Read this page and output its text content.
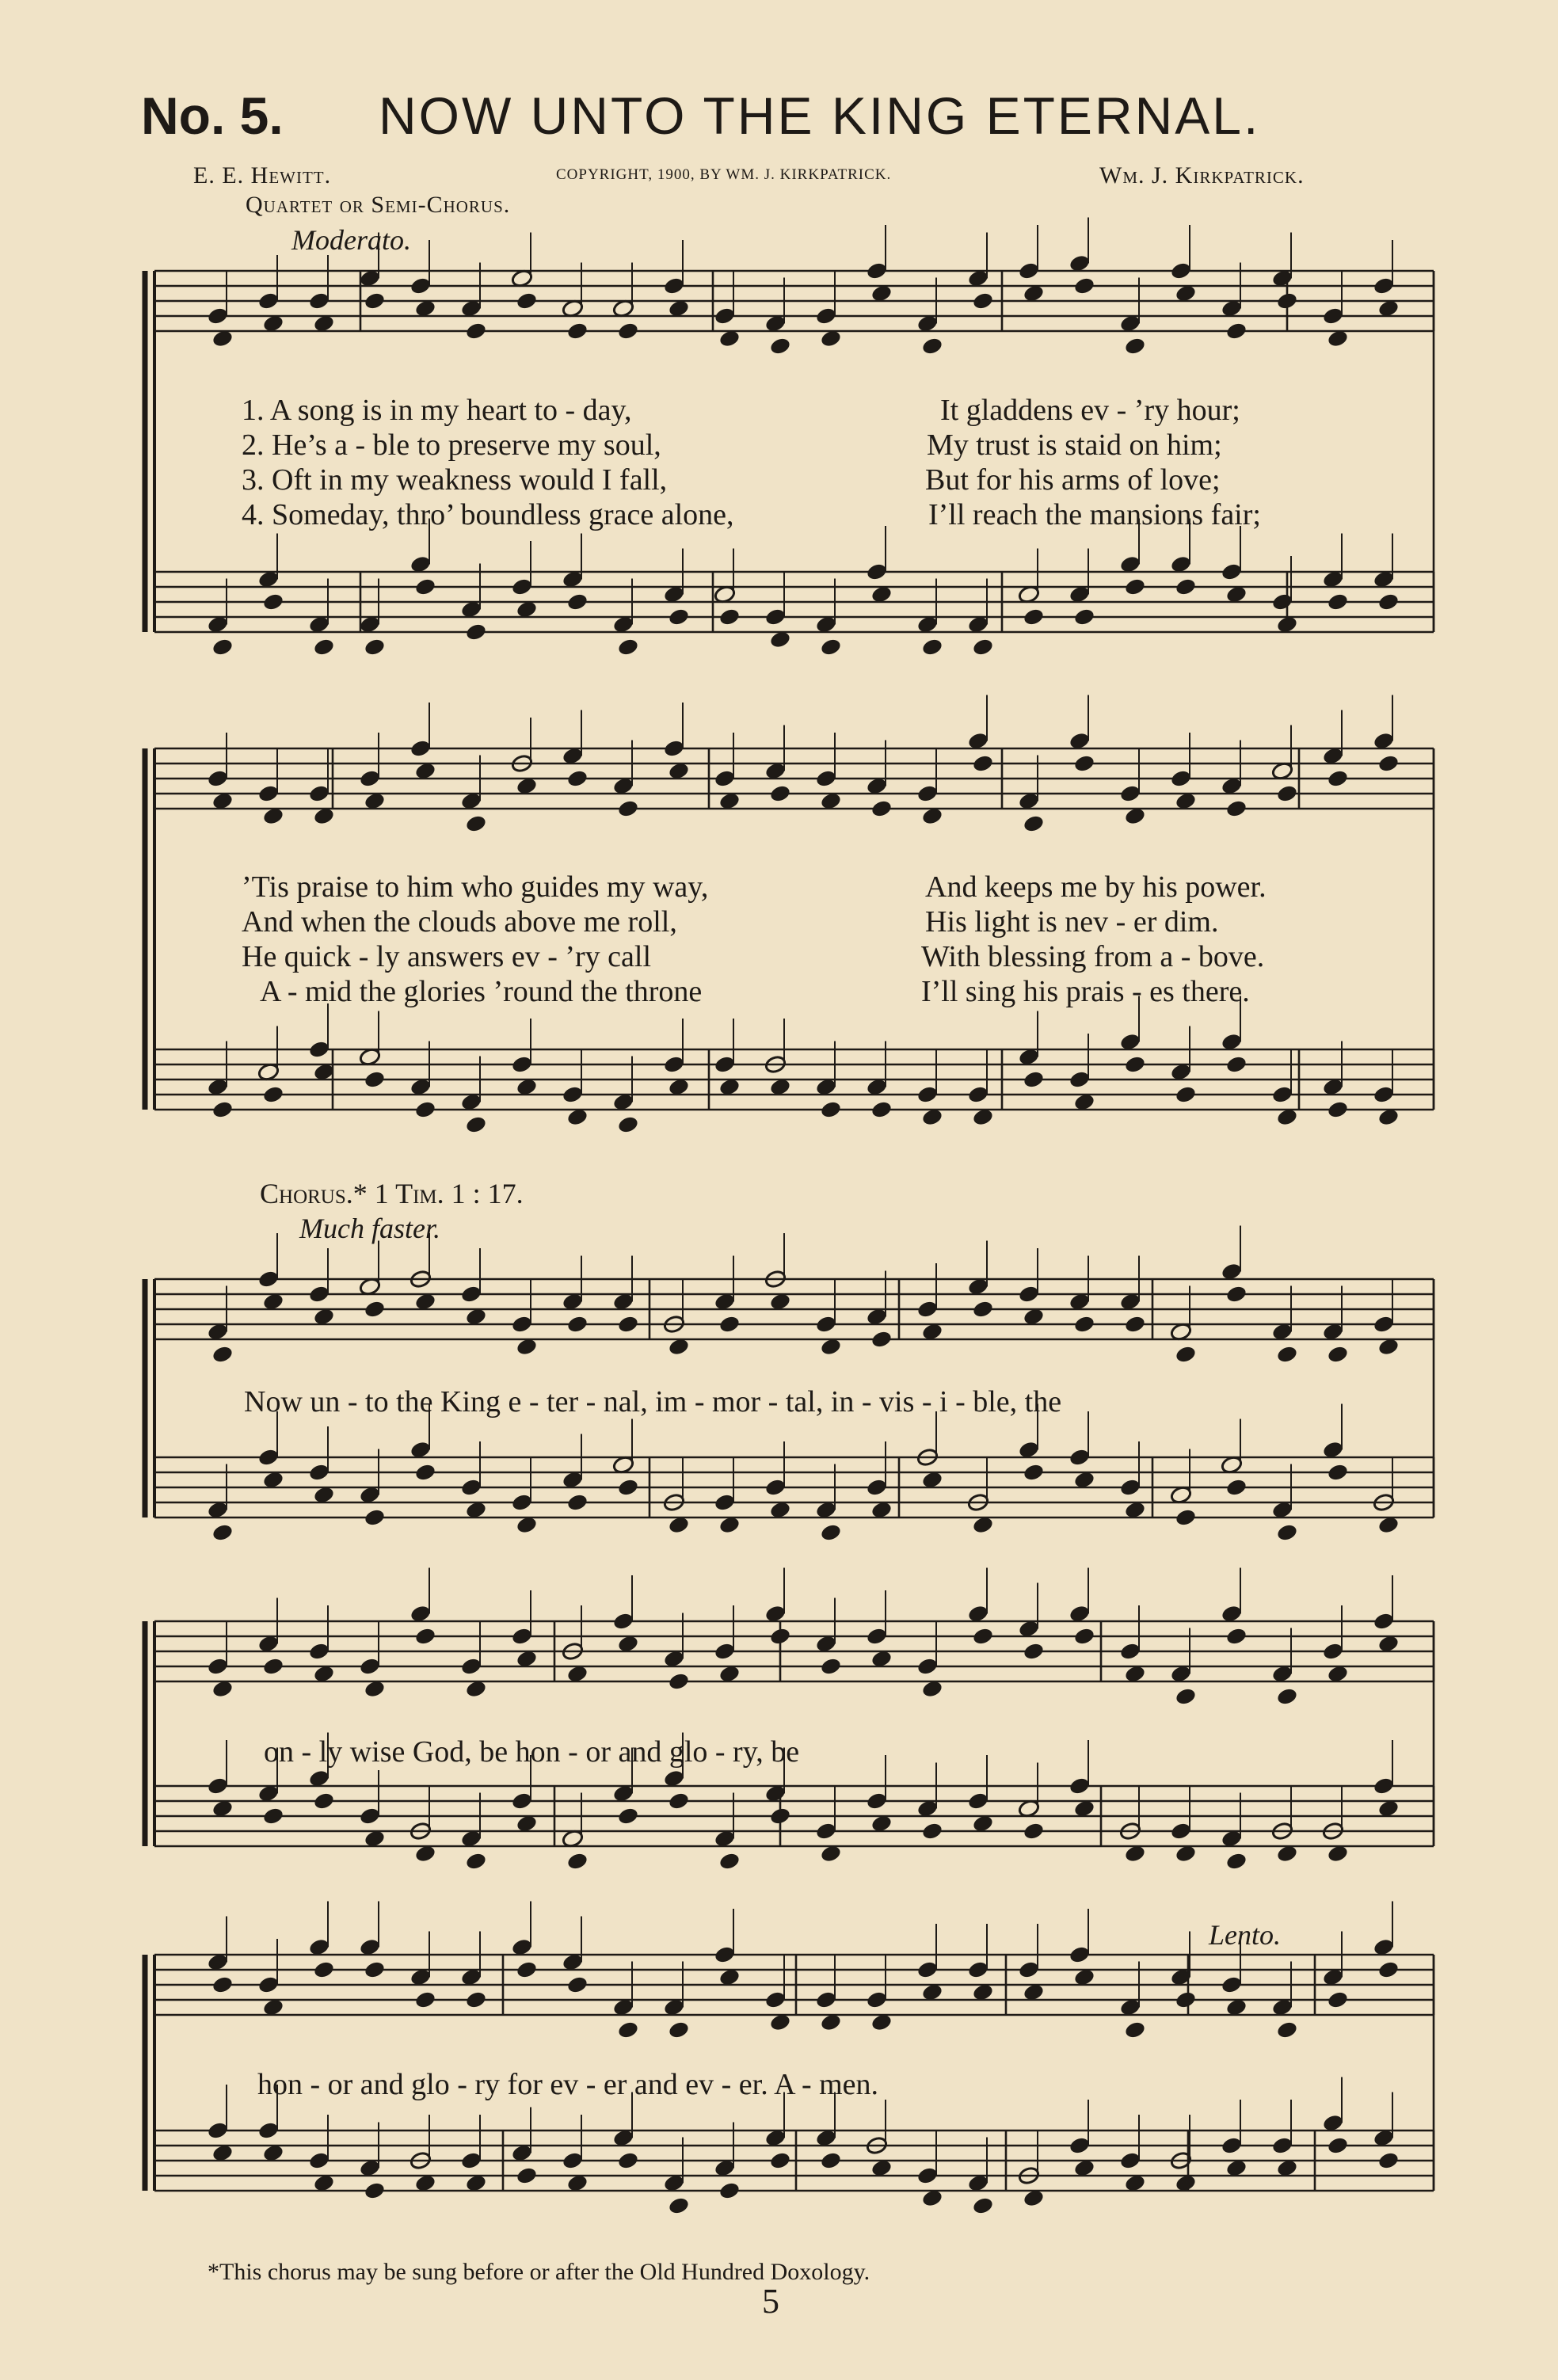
No. 5. NOW UNTO THE KING ETERNAL.
E. E. Hewitt.	COPYRIGHT, 1900, BY WM. J. KIRKPATRICK.	Wm. J. Kirkpatrick.
Quartet or Semi-Chorus.
Moderato.
1. A song is in my heart to - day,	It gladdens ev - ’ry hour;
2. He’s a - ble to preserve my soul,	My trust is staid on him;
3. Oft in my weakness would I fall,	But for his arms of love;
4. Someday, thro’ boundless grace alone,	I’ll reach the mansions fair;
’Tis praise to him who guides my way,	And keeps me by his power.
And when the clouds above me roll,	His light is nev - er dim.
He quick - ly answers ev - ’ry call	With blessing from a - bove.
A - mid the glories ’round the throne	I’ll sing his prais - es there.
Chorus.* 1 Tim. 1 : 17.
Much faster.
Now un - to the King e - ter - nal, im - mor - tal, in - vis - i - ble, the
on - ly wise God, be hon - or and glo - ry, be
Lento.
hon - or and glo - ry for ev - er and ev - er. A - men.
*This chorus may be sung before or after the Old Hundred Doxology.
5
